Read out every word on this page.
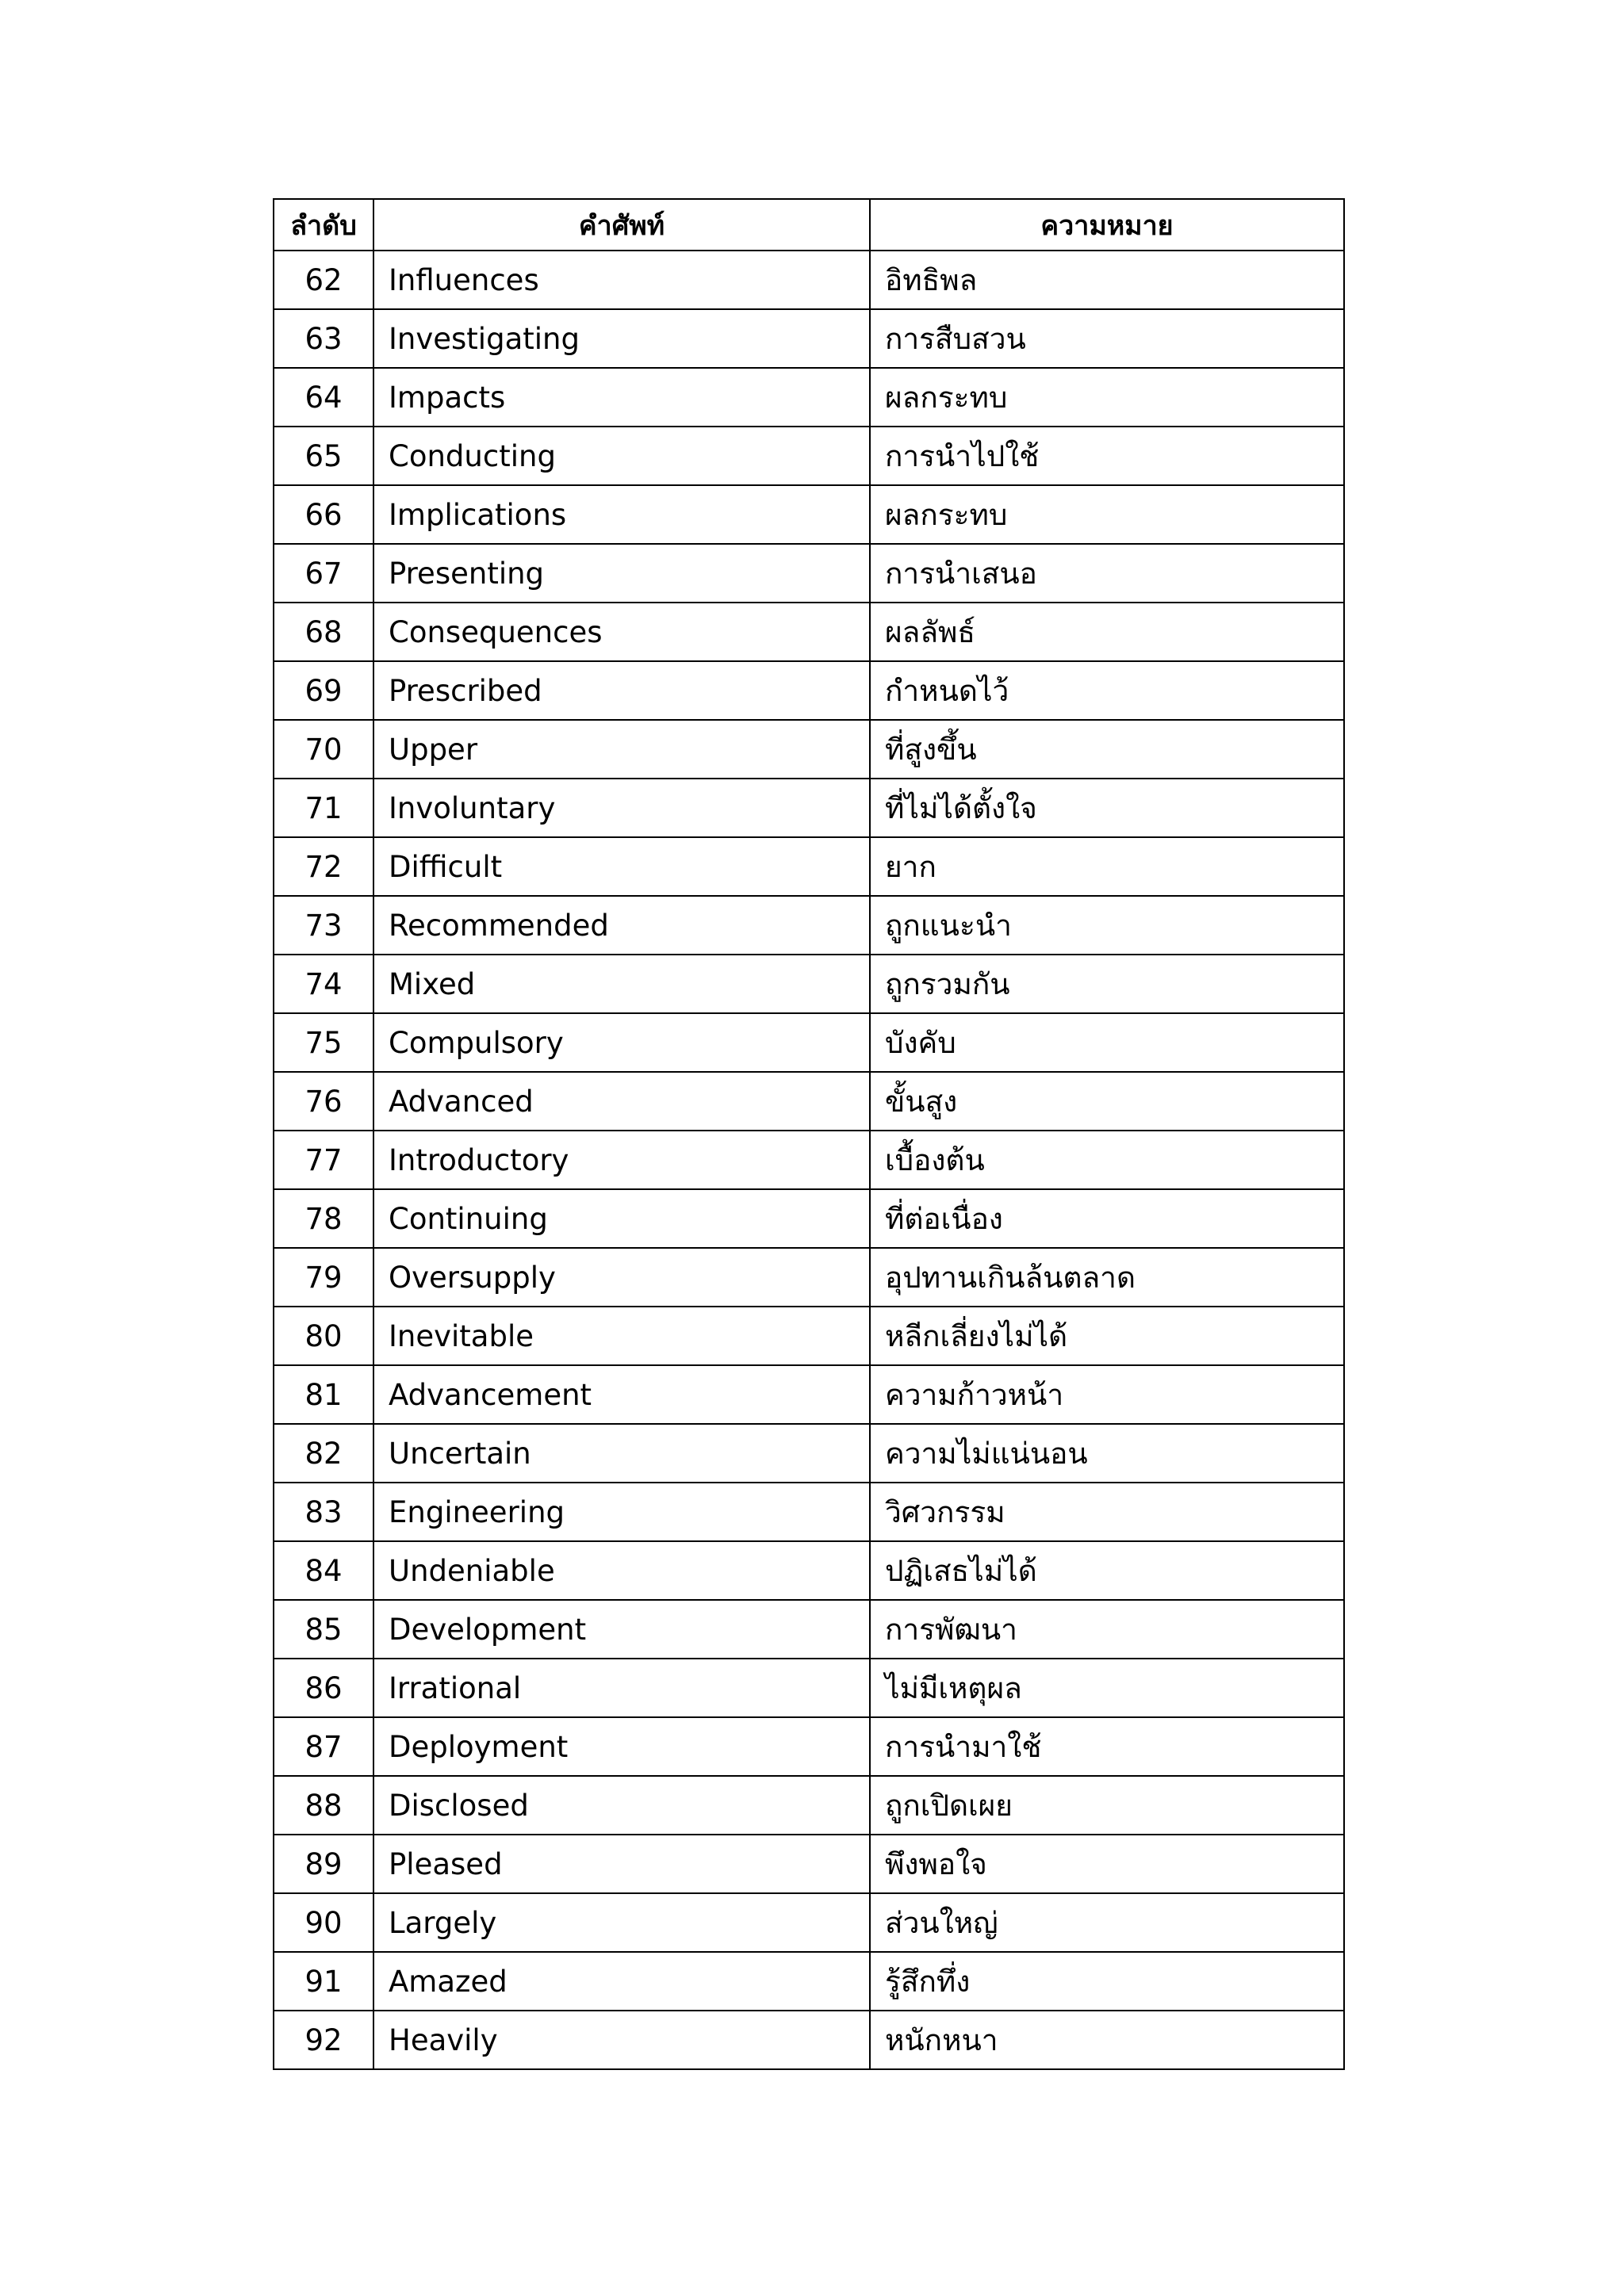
ลำดับ	คำศัพท์	ความหมาย
62	Influences	อิทธิพล
63	Investigating	การสืบสวน
64	Impacts	ผลกระทบ
65	Conducting	การนำไปใช้
66	Implications	ผลกระทบ
67	Presenting	การนำเสนอ
68	Consequences	ผลลัพธ์
69	Prescribed	กำหนดไว้
70	Upper	ที่สูงขึ้น
71	Involuntary	ที่ไม่ได้ตั้งใจ
72	Difficult	ยาก
73	Recommended	ถูกแนะนำ
74	Mixed	ถูกรวมกัน
75	Compulsory	บังคับ
76	Advanced	ขั้นสูง
77	Introductory	เบื้องต้น
78	Continuing	ที่ต่อเนื่อง
79	Oversupply	อุปทานเกินล้นตลาด
80	Inevitable	หลีกเลี่ยงไม่ได้
81	Advancement	ความก้าวหน้า
82	Uncertain	ความไม่แน่นอน
83	Engineering	วิศวกรรม
84	Undeniable	ปฏิเสธไม่ได้
85	Development	การพัฒนา
86	Irrational	ไม่มีเหตุผล
87	Deployment	การนำมาใช้
88	Disclosed	ถูกเปิดเผย
89	Pleased	พึงพอใจ
90	Largely	ส่วนใหญ่
91	Amazed	รู้สึกทึ่ง
92	Heavily	หนักหนา
